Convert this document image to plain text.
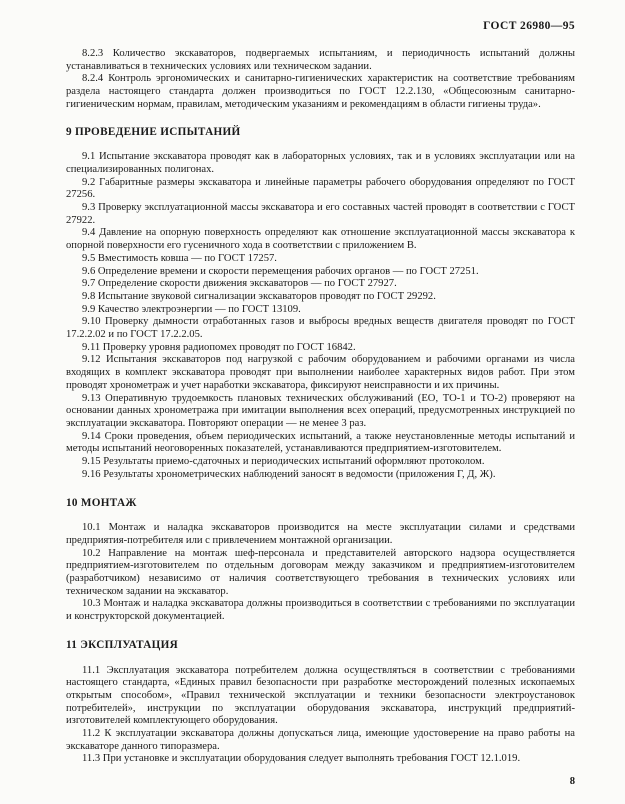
ГОСТ 26980—95

8.2.3 Количество экскаваторов, подвергаемых испытаниям, и периодичность испытаний должны устанавливаться в технических условиях или техническом задании.

8.2.4 Контроль эргономических и санитарно-гигиенических характеристик на соответствие требованиям раздела настоящего стандарта должен производиться по ГОСТ 12.2.130, «Общесоюзным санитарно-гигиеническим нормам, правилам, методическим указаниям и рекомендациям в области гигиены труда».

9 ПРОВЕДЕНИЕ ИСПЫТАНИЙ

9.1 Испытание экскаватора проводят как в лабораторных условиях, так и в условиях эксплуатации или на специализированных полигонах.

9.2 Габаритные размеры экскаватора и линейные параметры рабочего оборудования определяют по ГОСТ 27256.

9.3 Проверку эксплуатационной массы экскаватора и его составных частей проводят в соответствии с ГОСТ 27922.

9.4 Давление на опорную поверхность определяют как отношение эксплуатационной массы экскаватора к опорной поверхности его гусеничного хода в соответствии с приложением В.

9.5 Вместимость ковша — по ГОСТ 17257.

9.6 Определение времени и скорости перемещения рабочих органов — по ГОСТ 27251.

9.7 Определение скорости движения экскаваторов — по ГОСТ 27927.

9.8 Испытание звуковой сигнализации экскаваторов проводят по ГОСТ 29292.

9.9 Качество электроэнергии — по ГОСТ 13109.

9.10 Проверку дымности отработанных газов и выбросы вредных веществ двигателя проводят по ГОСТ 17.2.2.02 и по ГОСТ 17.2.2.05.

9.11 Проверку уровня радиопомех проводят по ГОСТ 16842.

9.12 Испытания экскаваторов под нагрузкой с рабочим оборудованием и рабочими органами из числа входящих в комплект экскаватора проводят при выполнении наиболее характерных видов работ. При этом проводят хронометраж и учет наработки экскаватора, фиксируют неисправности и их причины.

9.13 Оперативную трудоемкость плановых технических обслуживаний (ЕО, ТО-1 и ТО-2) проверяют на основании данных хронометража при имитации выполнения всех операций, предусмотренных инструкцией по эксплуатации экскаватора. Повторяют операции — не менее 3 раз.

9.14 Сроки проведения, объем периодических испытаний, а также неустановленные методы испытаний и методы испытаний неоговоренных показателей, устанавливаются предприятием-изготовителем.

9.15 Результаты приемо-сдаточных и периодических испытаний оформляют протоколом.

9.16 Результаты хронометрических наблюдений заносят в ведомости (приложения Г, Д, Ж).

10 МОНТАЖ

10.1 Монтаж и наладка экскаваторов производится на месте эксплуатации силами и средствами предприятия-потребителя или с привлечением монтажной организации.

10.2 Направление на монтаж шеф-персонала и представителей авторского надзора осуществляется предприятием-изготовителем по отдельным договорам между заказчиком и предприятием-изготовителем (разработчиком) независимо от наличия соответствующего требования в технических условиях или техническом задании на экскаватор.

10.3 Монтаж и наладка экскаватора должны производиться в соответствии с требованиями по эксплуатации и конструкторской документацией.

11 ЭКСПЛУАТАЦИЯ

11.1 Эксплуатация экскаватора потребителем должна осуществляться в соответствии с требованиями настоящего стандарта, «Единых правил безопасности при разработке месторождений полезных ископаемых открытым способом», «Правил технической эксплуатации и техники безопасности электроустановок потребителей», инструкции по эксплуатации оборудования экскаватора, инструкций предприятий-изготовителей комплектующего оборудования.

11.2 К эксплуатации экскаватора должны допускаться лица, имеющие удостоверение на право работы на экскаваторе данного типоразмера.

11.3 При установке и эксплуатации оборудования следует выполнять требования ГОСТ 12.1.019.

8
